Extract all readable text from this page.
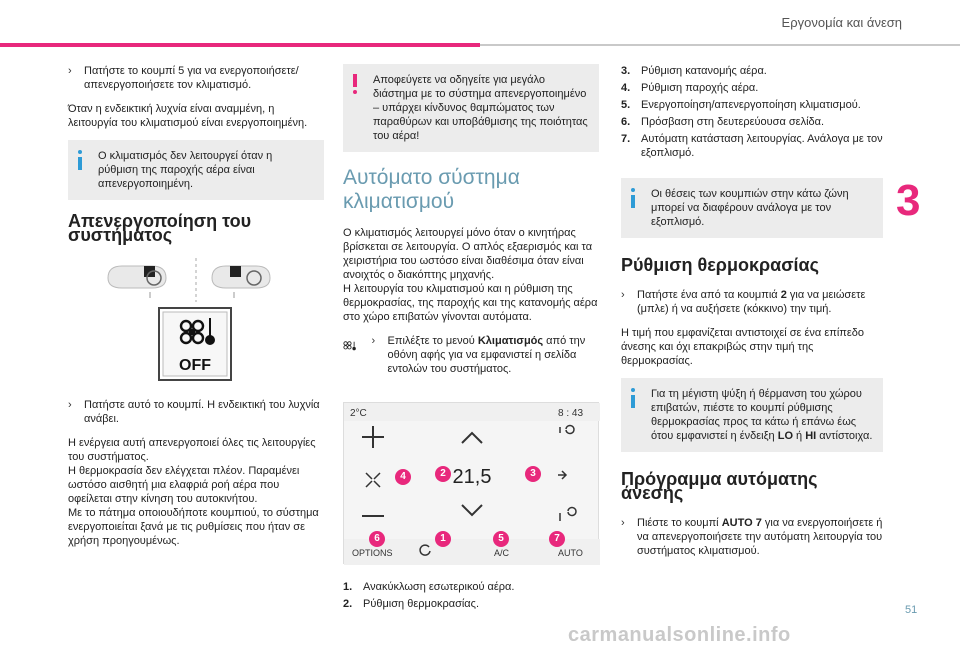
Εργονομία και άνεση
3
51
carmanualsonline.info
› Πατήστε το κουμπί 5 για να ενεργοποιήσετε/ απενεργοποιήσετε τον κλιματισμό.

Όταν η ενδεικτική λυχνία είναι αναμμένη, η λειτουργία του κλιματισμού είναι ενεργοποιημένη.

Ο κλιματισμός δεν λειτουργεί όταν η ρύθμιση της παροχής αέρα είναι απενεργοποιημένη.
Απενεργοποίηση του συστήματος
OFF
› Πατήστε αυτό το κουμπί. Η ενδεικτική του λυχνία ανάβει.

Η ενέργεια αυτή απενεργοποιεί όλες τις λειτουργίες του συστήματος.

Η θερμοκρασία δεν ελέγχεται πλέον. Παραμένει ωστόσο αισθητή μια ελαφριά ροή αέρα που οφείλεται στην κίνηση του αυτοκινήτου.

Με το πάτημα οποιουδήποτε κουμπιού, το σύστημα ενεργοποιείται ξανά με τις ρυθμίσεις που ήταν σε χρήση προηγουμένως.

Αποφεύγετε να οδηγείτε για μεγάλο διάστημα με το σύστημα απενεργοποιημένο – υπάρχει κίνδυνος θαμπώματος των παραθύρων και υποβάθμισης της ποιότητας του αέρα!
Αυτόματο σύστημα
κλιματισμού

Ο κλιματισμός λειτουργεί μόνο όταν ο κινητήρας βρίσκεται σε λειτουργία. Ο απλός εξαερισμός και τα χειριστήρια του ωστόσο είναι διαθέσιμα όταν είναι ανοιχτός ο διακόπτης μηχανής.

Η λειτουργία του κλιματισμού και η ρύθμιση της θερμοκρασίας, της παροχής και της κατανομής αέρα στο χώρο επιβατών γίνονται αυτόματα.

› Επιλέξτε το μενού Κλιματισμός από την οθόνη αφής για να εμφανιστεί η σελίδα εντολών του συστήματος.
2°C	8 : 43
21,5
OPTIONS	A/C	AUTO
1
2	3
4
5
6	7
1. Ανακύκλωση εσωτερικού αέρα.
2. Ρύθμιση θερμοκρασίας.
3. Ρύθμιση κατανομής αέρα.
4. Ρύθμιση παροχής αέρα.
5. Ενεργοποίηση/απενεργοποίηση κλιματισμού.
6. Πρόσβαση στη δευτερεύουσα σελίδα.
7. Αυτόματη κατάσταση λειτουργίας. Ανάλογα με τον εξοπλισμό.
Οι θέσεις των κουμπιών στην κάτω ζώνη μπορεί να διαφέρουν ανάλογα με τον εξοπλισμό.
Ρύθμιση θερμοκρασίας
› Πατήστε ένα από τα κουμπιά 2 για να μειώσετε (μπλε) ή να αυξήσετε (κόκκινο) την τιμή.

Η τιμή που εμφανίζεται αντιστοιχεί σε ένα επίπεδο άνεσης και όχι επακριβώς στην τιμή της θερμοκρασίας.

Για τη μέγιστη ψύξη ή θέρμανση του χώρου επιβατών, πιέστε το κουμπί ρύθμισης θερμοκρασίας προς τα κάτω ή επάνω έως ότου εμφανιστεί η ένδειξη LO ή HI αντίστοιχα.
Πρόγραμμα αυτόματης άνεσης
› Πιέστε το κουμπί AUTO 7 για να ενεργοποιήσετε ή να απενεργοποιήσετε την αυτόματη λειτουργία του συστήματος κλιματισμού.
